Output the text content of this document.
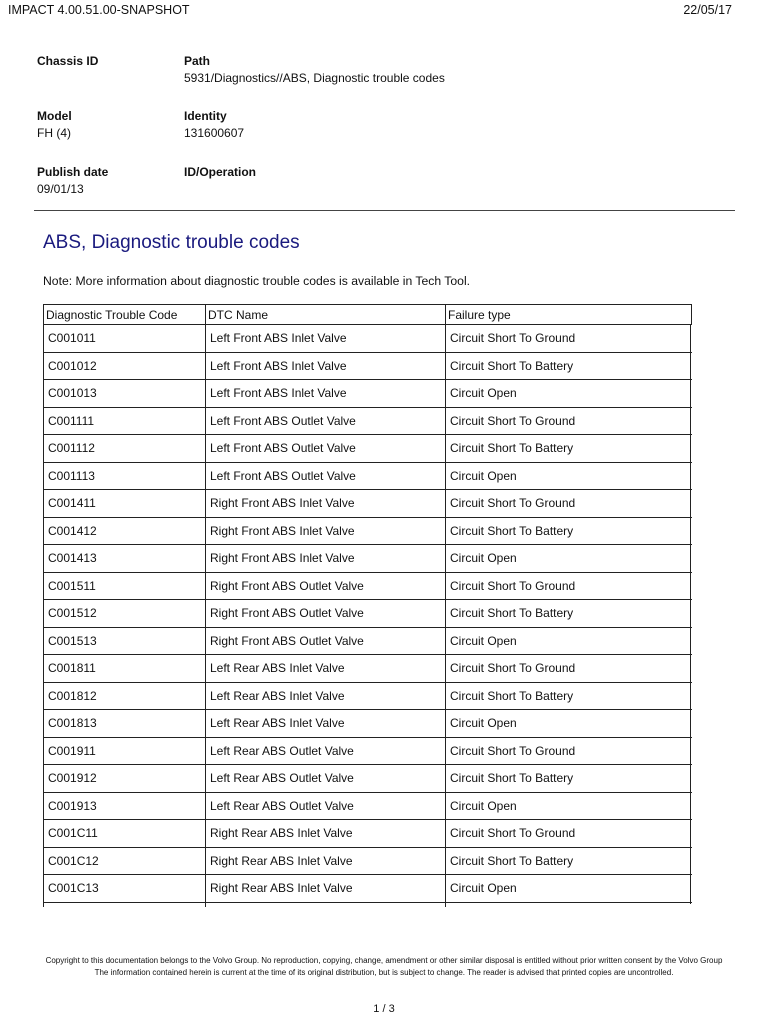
IMPACT 4.00.51.00-SNAPSHOT	22/05/17
Chassis ID	Path
5931/Diagnostics//ABS, Diagnostic trouble codes
Model
FH (4)
Identity
131600607
Publish date
09/01/13
ID/Operation
ABS, Diagnostic trouble codes
Note: More information about diagnostic trouble codes is available in Tech Tool.
Diagnostic Trouble Code	DTC Name	Failure type
C001011	Left Front ABS Inlet Valve	Circuit Short To Ground
C001012	Left Front ABS Inlet Valve	Circuit Short To Battery
C001013	Left Front ABS Inlet Valve	Circuit Open
C001111	Left Front ABS Outlet Valve	Circuit Short To Ground
C001112	Left Front ABS Outlet Valve	Circuit Short To Battery
C001113	Left Front ABS Outlet Valve	Circuit Open
C001411	Right Front ABS Inlet Valve	Circuit Short To Ground
C001412	Right Front ABS Inlet Valve	Circuit Short To Battery
C001413	Right Front ABS Inlet Valve	Circuit Open
C001511	Right Front ABS Outlet Valve	Circuit Short To Ground
C001512	Right Front ABS Outlet Valve	Circuit Short To Battery
C001513	Right Front ABS Outlet Valve	Circuit Open
C001811	Left Rear ABS Inlet Valve	Circuit Short To Ground
C001812	Left Rear ABS Inlet Valve	Circuit Short To Battery
C001813	Left Rear ABS Inlet Valve	Circuit Open
C001911	Left Rear ABS Outlet Valve	Circuit Short To Ground
C001912	Left Rear ABS Outlet Valve	Circuit Short To Battery
C001913	Left Rear ABS Outlet Valve	Circuit Open
C001C11	Right Rear ABS Inlet Valve	Circuit Short To Ground
C001C12	Right Rear ABS Inlet Valve	Circuit Short To Battery
C001C13	Right Rear ABS Inlet Valve	Circuit Open

Copyright to this documentation belongs to the Volvo Group. No reproduction, copying, change, amendment or other similar disposal is entitled without prior written consent by the Volvo Group
The information contained herein is current at the time of its original distribution, but is subject to change. The reader is advised that printed copies are uncontrolled.
1 / 3
